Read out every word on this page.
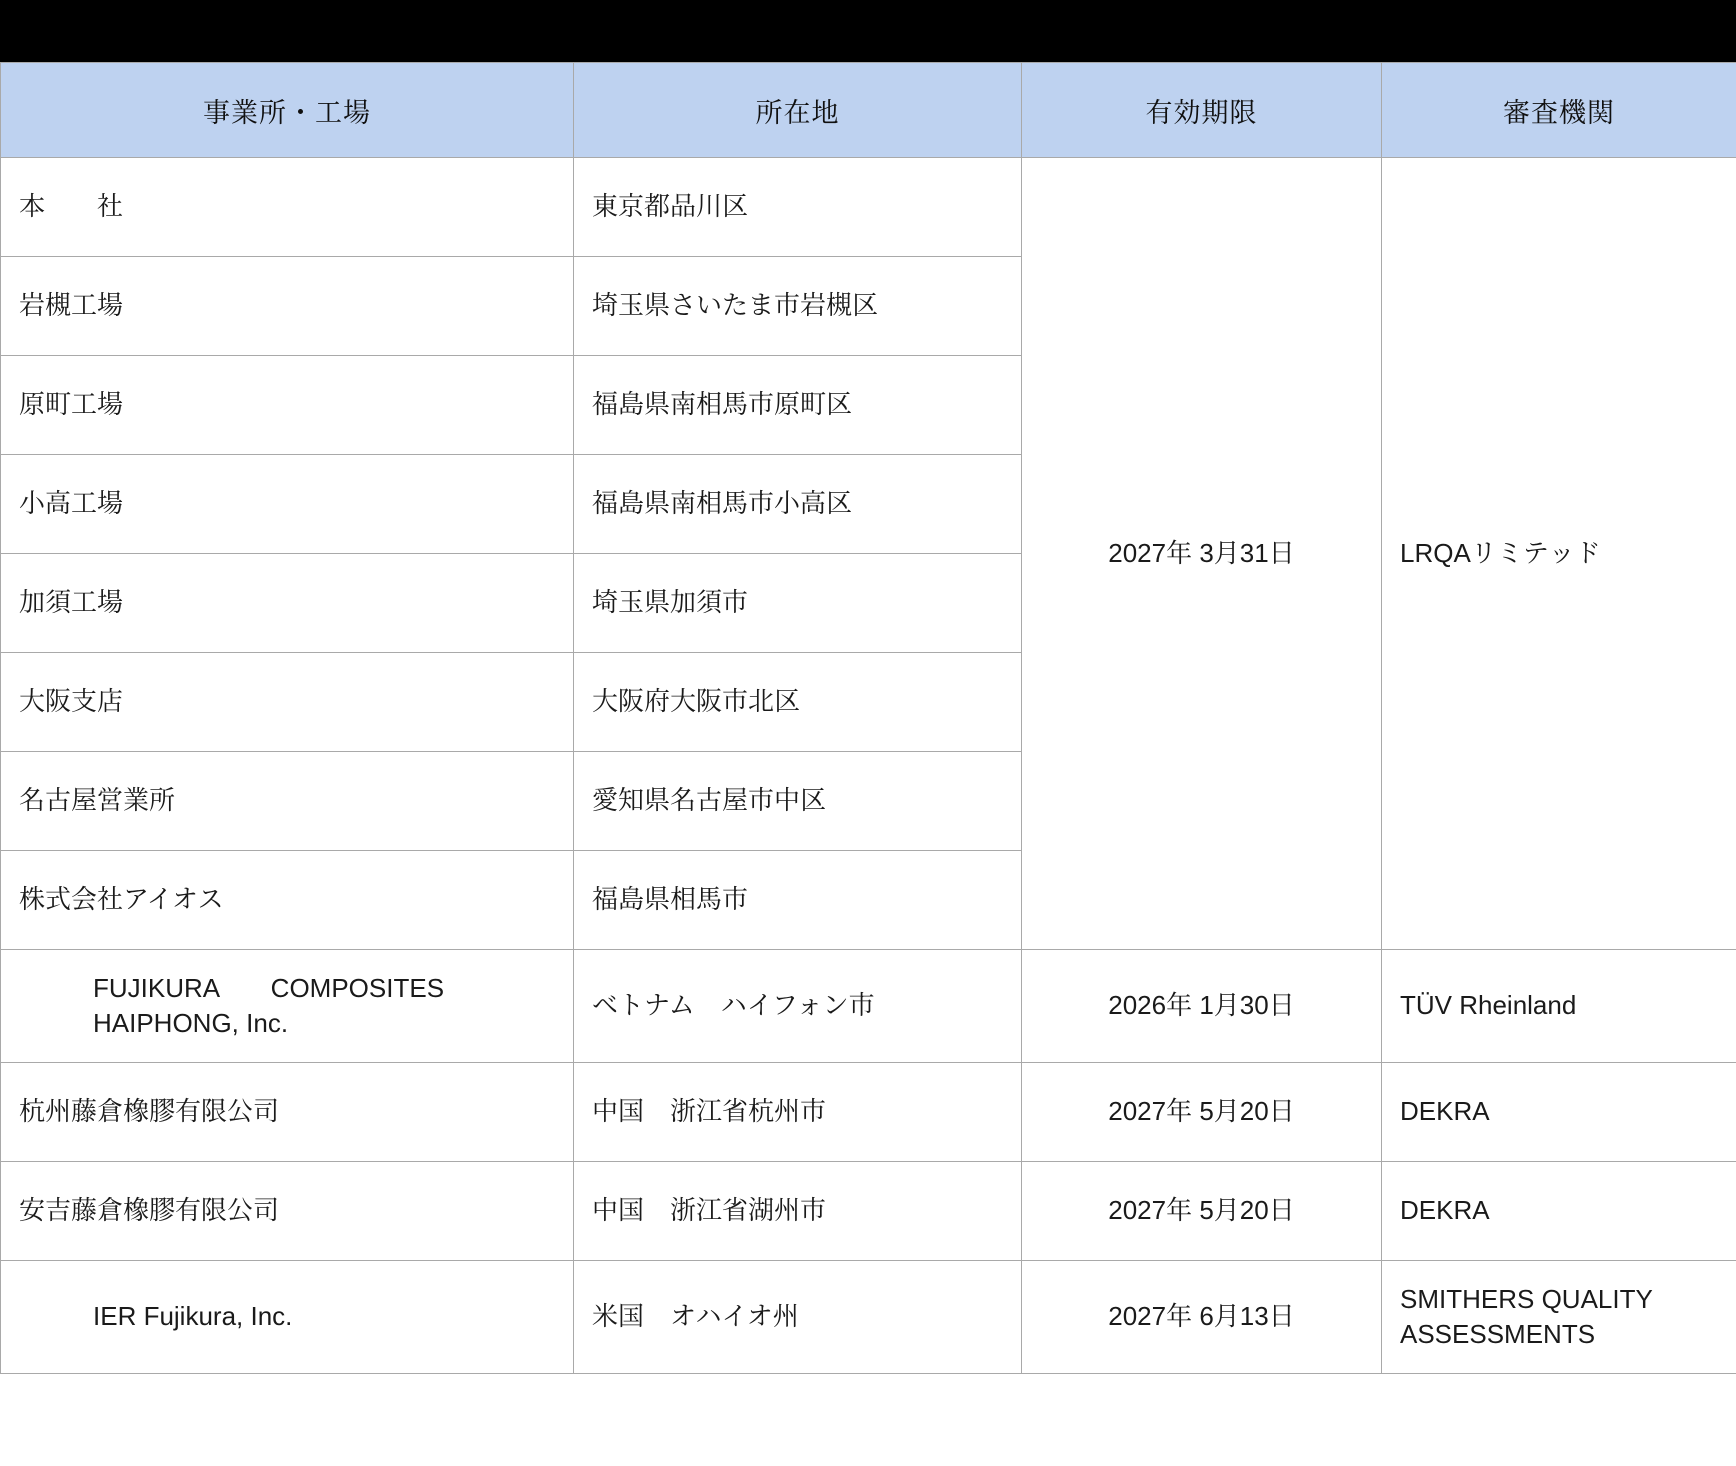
事業所・工場	所在地	有効期限	審査機関
本　　社	東京都品川区	2027年 3月31日	LRQAリミテッド
岩槻工場	埼玉県さいたま市岩槻区		
原町工場	福島県南相馬市原町区		
小高工場	福島県南相馬市小高区		
加須工場	埼玉県加須市		
大阪支店	大阪府大阪市北区		
名古屋営業所	愛知県名古屋市中区		
株式会社アイオス	福島県相馬市		

FUJIKURA　　COMPOSITES
HAIPHONG, Inc.	ベトナム　ハイフォン市	2026年 1月30日	TÜV Rheinland
杭州藤倉橡膠有限公司	中国　浙江省杭州市	2027年 5月20日	DEKRA
安吉藤倉橡膠有限公司	中国　浙江省湖州市	2027年 5月20日	DEKRA
IER Fujikura, Inc.	米国　オハイオ州	2027年 6月13日	SMITHERS QUALITY
ASSESSMENTS
